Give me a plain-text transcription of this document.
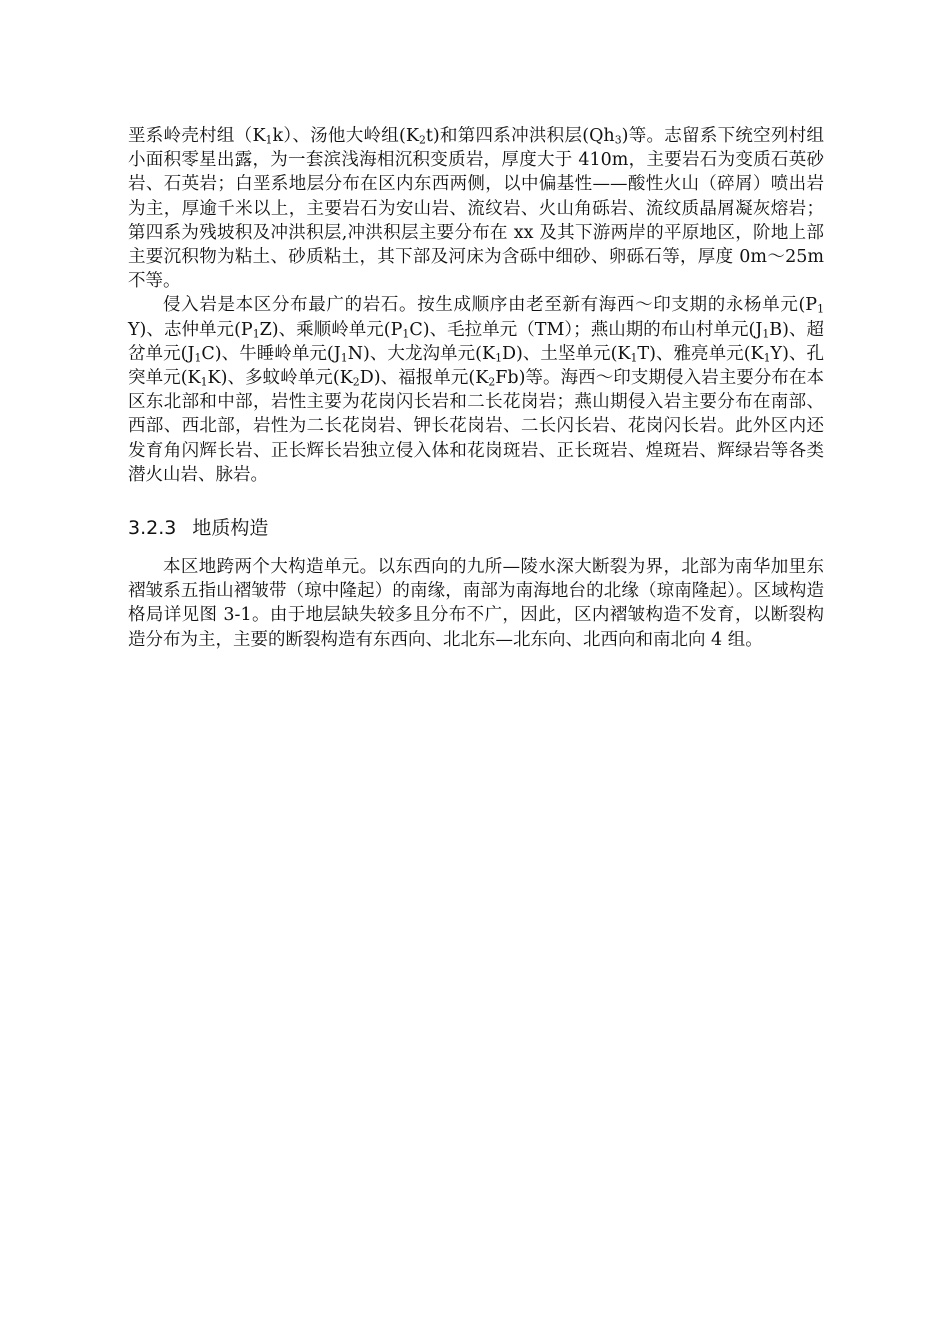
垩系岭壳村组$(K_1k)$、汤他大岭组$(K_2t)$和第四系冲洪积层$(Qh_3)$等。志留系下统空列村组小面积零星出露，为一套滨浅海相沉积变质岩，厚度大于 410m，主要岩石为变质石英砂岩、石英岩；白垩系地层分布在区内东西两侧，以中偏基性——酸性火山（碎屑）喷出岩为主，厚逾千米以上，主要岩石为安山岩、流纹岩、火山角砾岩、流纹质晶屑凝灰熔岩；第四系为残坡积及冲洪积层,冲洪积层主要分布在 xx 及其下游两岸的平原地区，阶地上部主要沉积物为粘土、砂质粘土，其下部及河床为含砾中细砂、卵砾石等，厚度 0m～25m 不等。

侵入岩是本区分布最广的岩石。按生成顺序由老至新有海西～印支期的永杨单元$(P_1Y)$、志仲单元$(P_1Z)$、乘顺岭单元$(P_1C)$、毛拉单元（TM）；燕山期的布山村单元$(J_1B)$、超岔单元$(J_1C)$、牛睡岭单元$(J_1N)$、大龙沟单元$(K_1D)$、土坚单元$(K_1T)$、雅亮单元$(K_1Y)$、孔突单元$(K_1K)$、多蚊岭单元$(K_2D)$、福报单元$(K_2Fb)$等。海西～印支期侵入岩主要分布在本区东北部和中部，岩性主要为花岗闪长岩和二长花岗岩；燕山期侵入岩主要分布在南部、西部、西北部，岩性为二长花岗岩、钾长花岗岩、二长闪长岩、花岗闪长岩。此外区内还发育角闪辉长岩、正长辉长岩独立侵入体和花岗斑岩、正长斑岩、煌斑岩、辉绿岩等各类潜火山岩、脉岩。

3.2.3 地质构造

本区地跨两个大构造单元。以东西向的九所—陵水深大断裂为界，北部为南华加里东褶皱系五指山褶皱带（琼中隆起）的南缘，南部为南海地台的北缘（琼南隆起）。区域构造格局详见图 3-1。由于地层缺失较多且分布不广，因此，区内褶皱构造不发育，以断裂构造分布为主，主要的断裂构造有东西向、北北东—北东向、北西向和南北向 4 组。
